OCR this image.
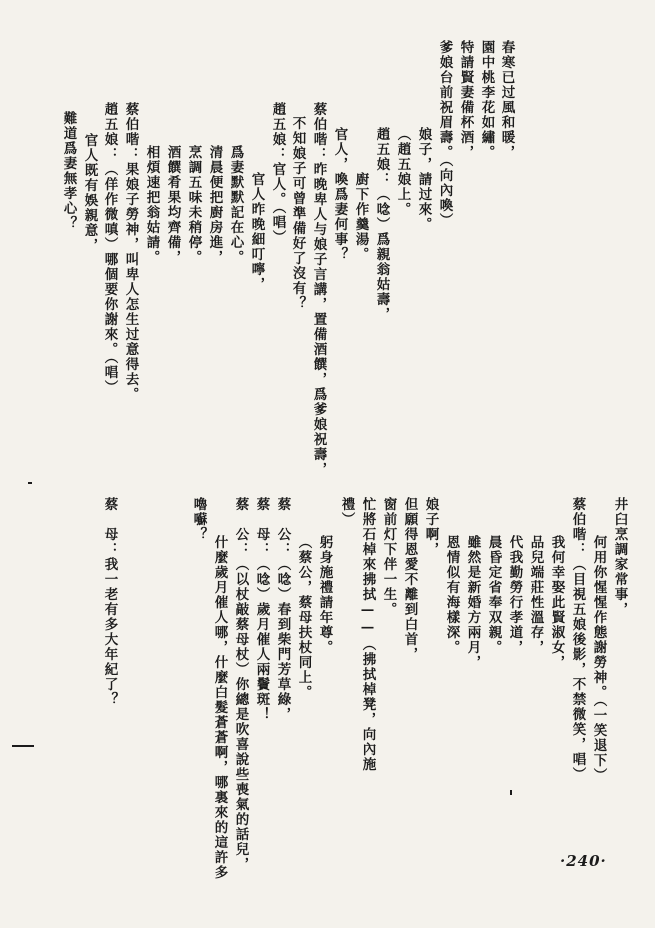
春寒已过風和暖，
園中桃李花如繡。
特請賢妻備杯酒，
爹娘台前祝眉壽。（向內喚）
娘子，請过來。
（趙五娘上。
趙五娘：（唸）爲親翁姑壽，
廚下作羹湯。
官人，喚爲妻何事？
蔡伯喈：昨晚卑人与娘子言講，置備酒饌，爲爹娘祝壽，
不知娘子可曾準備好了沒有？
趙五娘：官人。（唱）
官人昨晚細叮嚀，
爲妻默默記在心。
清晨便把廚房進，
烹調五味未稍停。
酒饌肴果均齊備，
相煩速把翁姑請。
蔡伯喈：果娘子勞神，叫卑人怎生过意得去。
趙五娘：（佯作微嗔）哪個要你謝來。（唱）
官人既有娛親意，
難道爲妻無孝心？
井臼烹調家常事，
何用你惺惺作態謝勞神。（一笑退下）
蔡伯喈：（目視五娘後影，不禁微笑，唱）
我何幸娶此賢淑女，
品兒端莊性溫存，
代我勤勞行孝道，
晨昏定省奉双親。
雖然是新婚方兩月，
恩情似有海樣深。
娘子啊，
但願得恩愛不離到白首，
窗前灯下伴一生。
忙將石棹來拂拭——（拂拭棹凳，向內施
禮）
躬身施禮請年尊。
（蔡公，蔡母扶杖同上。
蔡　公：（唸）春到柴門芳草綠，
蔡　母：（唸）歲月催人兩鬢斑！
蔡　公：（以杖敲蔡母杖）你總是吹喜說些喪氣的話兒，
什麼歲月催人哪，什麼白髮蒼蒼啊，哪裏來的這許多
嚕囌？
蔡　母：我一老有多大年紀了？
·240·
